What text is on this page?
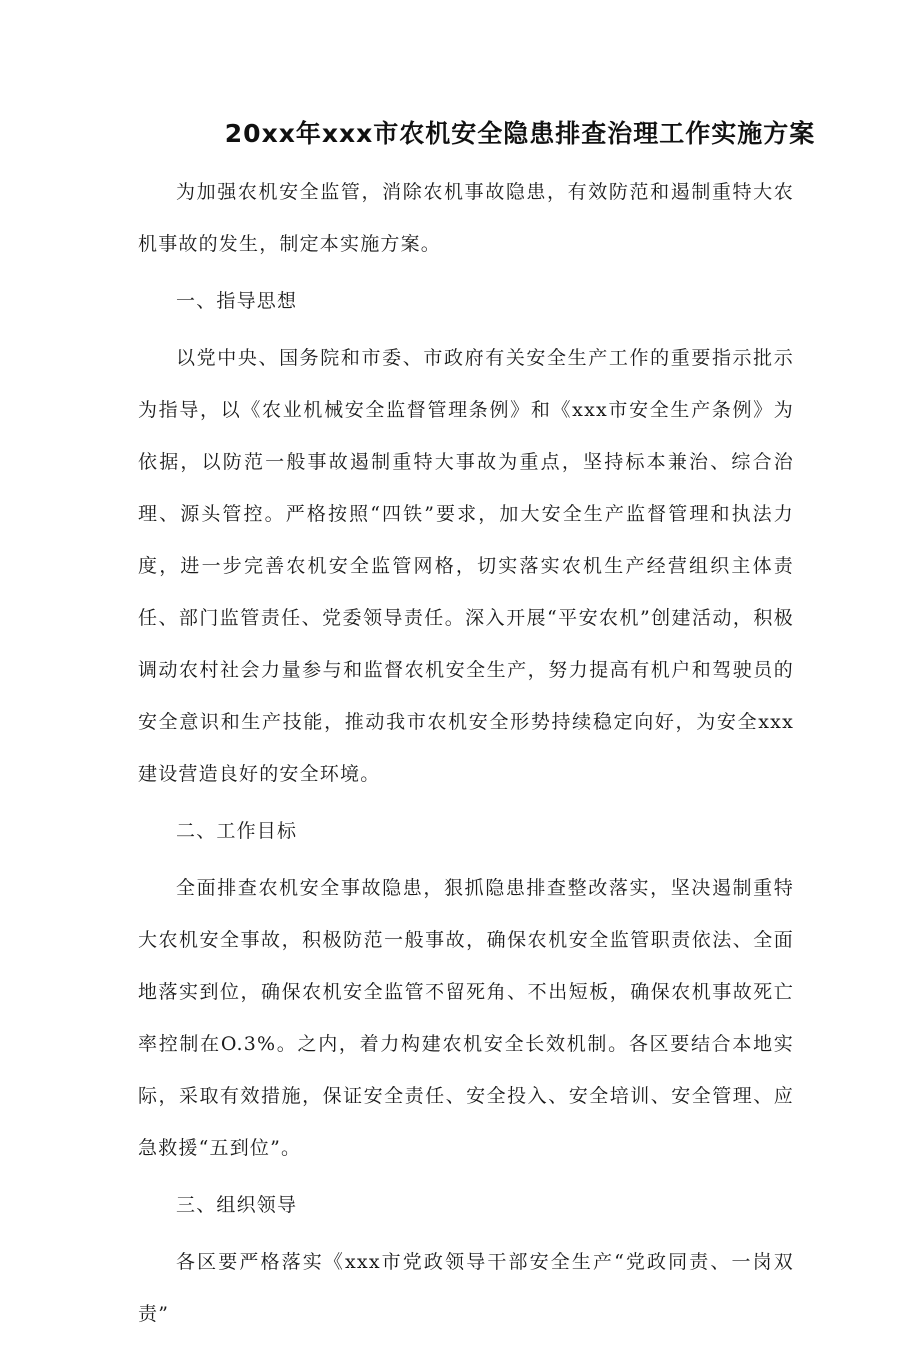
20xx年xxx市农机安全隐患排查治理工作实施方案

为加强农机安全监管，消除农机事故隐患，有效防范和遏制重特大农机事故的发生，制定本实施方案。

一、指导思想

以党中央、国务院和市委、市政府有关安全生产工作的重要指示批示为指导，以《农业机械安全监督管理条例》和《xxx市安全生产条例》为依据，以防范一般事故遏制重特大事故为重点，坚持标本兼治、综合治理、源头管控。严格按照“四铁”要求，加大安全生产监督管理和执法力度，进一步完善农机安全监管网格，切实落实农机生产经营组织主体责任、部门监管责任、党委领导责任。深入开展“平安农机”创建活动，积极调动农村社会力量参与和监督农机安全生产，努力提高有机户和驾驶员的安全意识和生产技能，推动我市农机安全形势持续稳定向好，为安全xxx建设营造良好的安全环境。

二、工作目标

全面排查农机安全事故隐患，狠抓隐患排查整改落实，坚决遏制重特大农机安全事故，积极防范一般事故，确保农机安全监管职责依法、全面地落实到位，确保农机安全监管不留死角、不出短板，确保农机事故死亡率控制在O.3%。之内，着力构建农机安全长效机制。各区要结合本地实际，采取有效措施，保证安全责任、安全投入、安全培训、安全管理、应急救援“五到位”。

三、组织领导

各区要严格落实《xxx市党政领导干部安全生产“党政同责、一岗双责”
